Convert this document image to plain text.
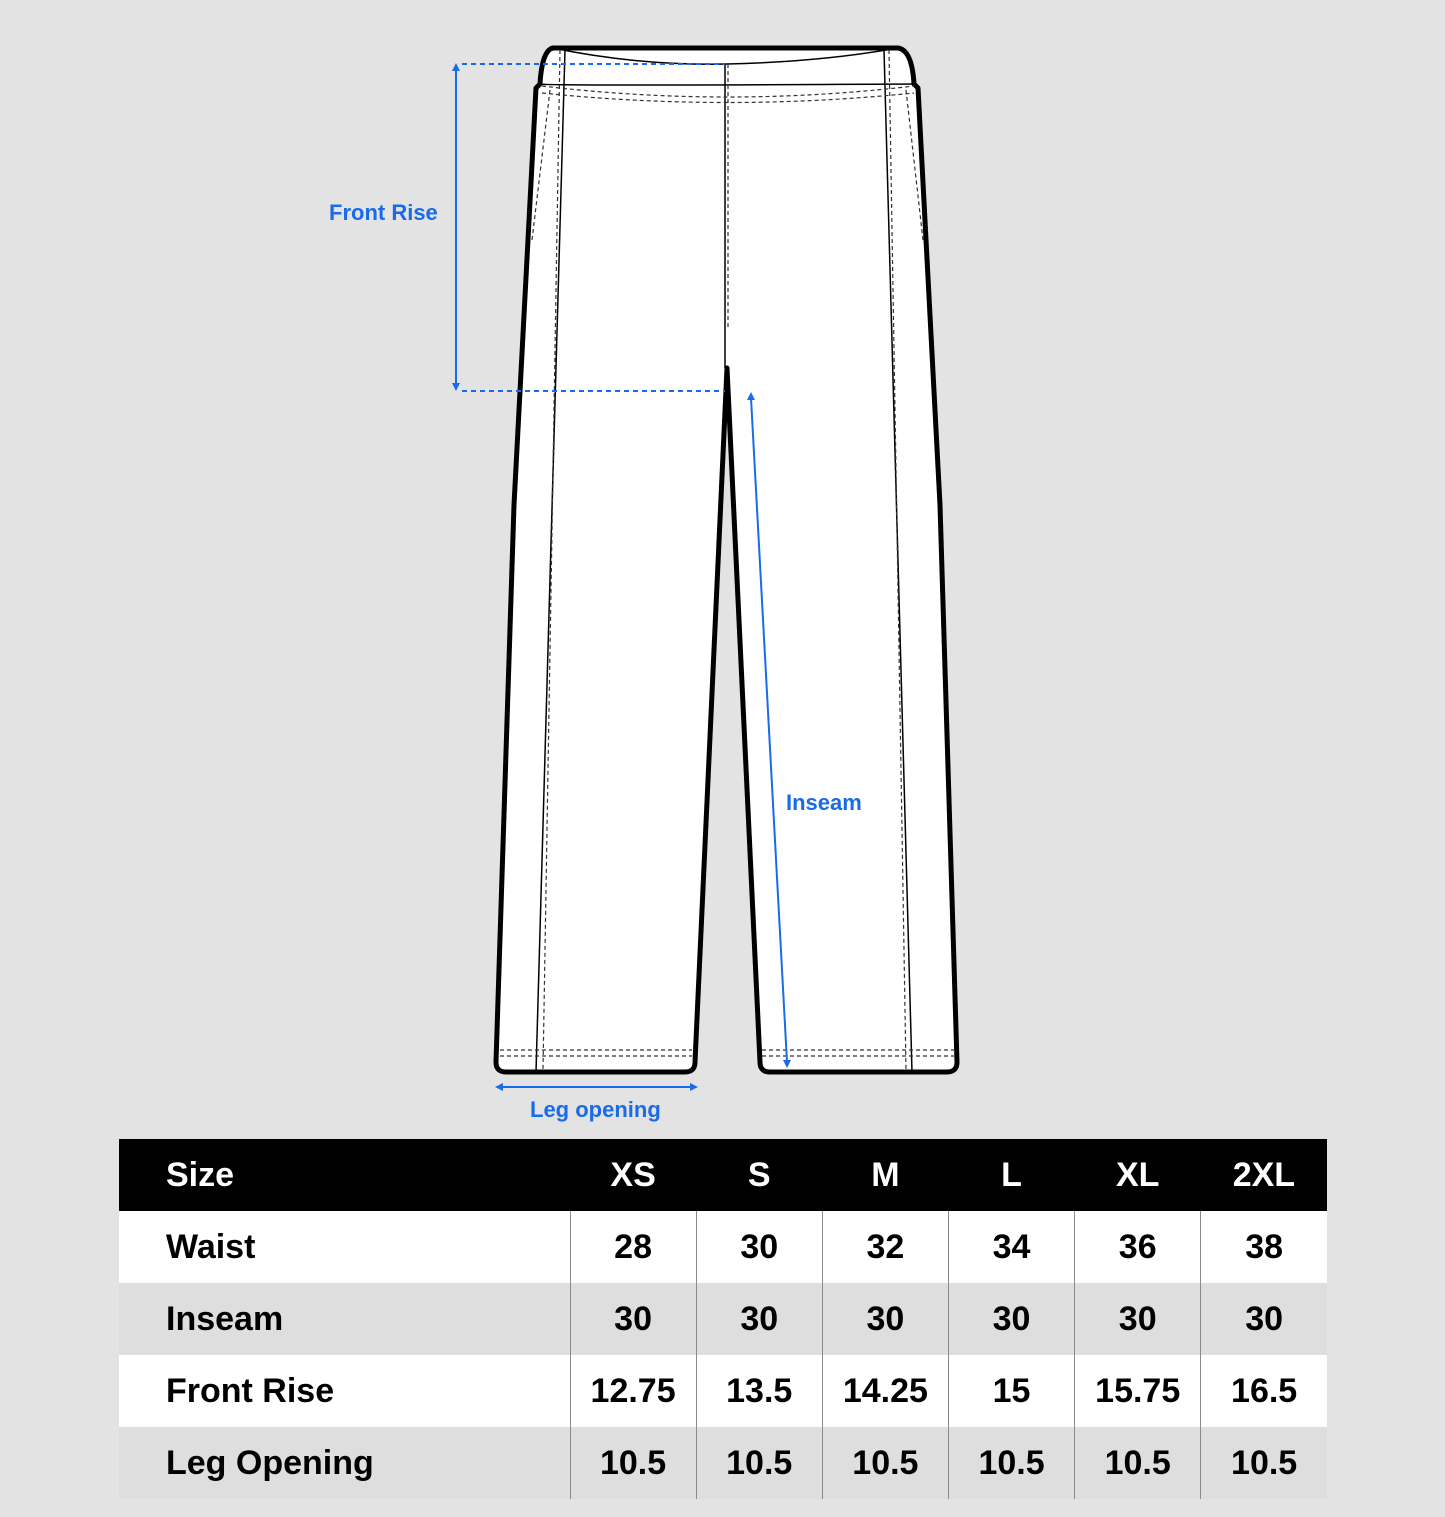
Front Rise
Inseam
Leg opening
Size	XS	S	M	L	XL	2XL
Waist	28	30	32	34	36	38
Inseam	30	30	30	30	30	30
Front Rise	12.75	13.5	14.25	15	15.75	16.5
Leg Opening	10.5	10.5	10.5	10.5	10.5	10.5
